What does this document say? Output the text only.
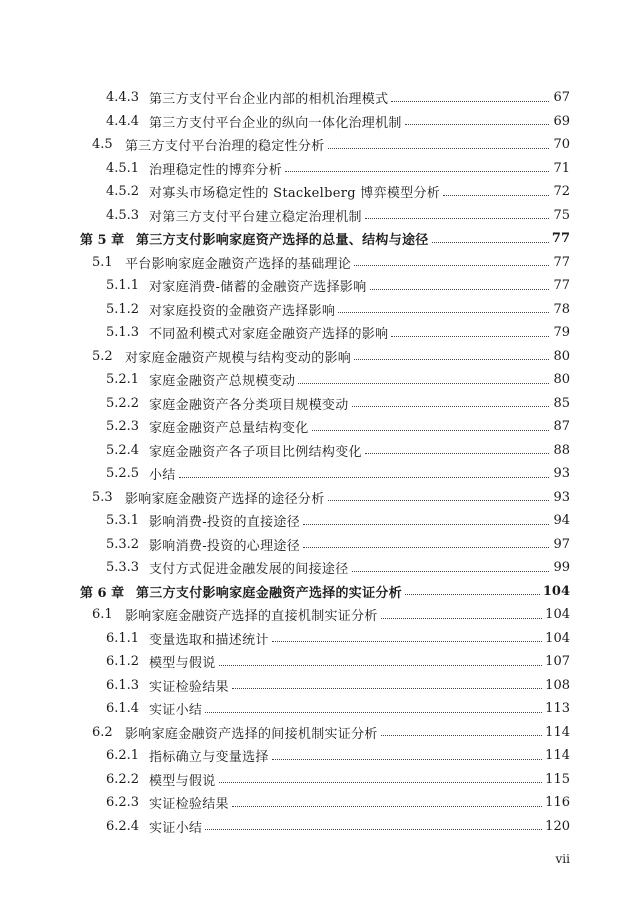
4.4.3 第三方支付平台企业内部的相机治理模式	67
4.4.4 第三方支付平台企业的纵向一体化治理机制	69
4.5 第三方支付平台治理的稳定性分析	70
4.5.1 治理稳定性的博弈分析	71
4.5.2 对寡头市场稳定性的 Stackelberg 博弈模型分析	72
4.5.3 对第三方支付平台建立稳定治理机制	75
第 5 章 第三方支付影响家庭资产选择的总量、结构与途径	77
5.1 平台影响家庭金融资产选择的基础理论	77
5.1.1 对家庭消费-储蓄的金融资产选择影响	77
5.1.2 对家庭投资的金融资产选择影响	78
5.1.3 不同盈利模式对家庭金融资产选择的影响	79
5.2 对家庭金融资产规模与结构变动的影响	80
5.2.1 家庭金融资产总规模变动	80
5.2.2 家庭金融资产各分类项目规模变动	85
5.2.3 家庭金融资产总量结构变化	87
5.2.4 家庭金融资产各子项目比例结构变化	88
5.2.5 小结	93
5.3 影响家庭金融资产选择的途径分析	93
5.3.1 影响消费-投资的直接途径	94
5.3.2 影响消费-投资的心理途径	97
5.3.3 支付方式促进金融发展的间接途径	99
第 6 章 第三方支付影响家庭金融资产选择的实证分析	104
6.1 影响家庭金融资产选择的直接机制实证分析	104
6.1.1 变量选取和描述统计	104
6.1.2 模型与假说	107
6.1.3 实证检验结果	108
6.1.4 实证小结	113
6.2 影响家庭金融资产选择的间接机制实证分析	114
6.2.1 指标确立与变量选择	114
6.2.2 模型与假说	115
6.2.3 实证检验结果	116
6.2.4 实证小结	120
vii
